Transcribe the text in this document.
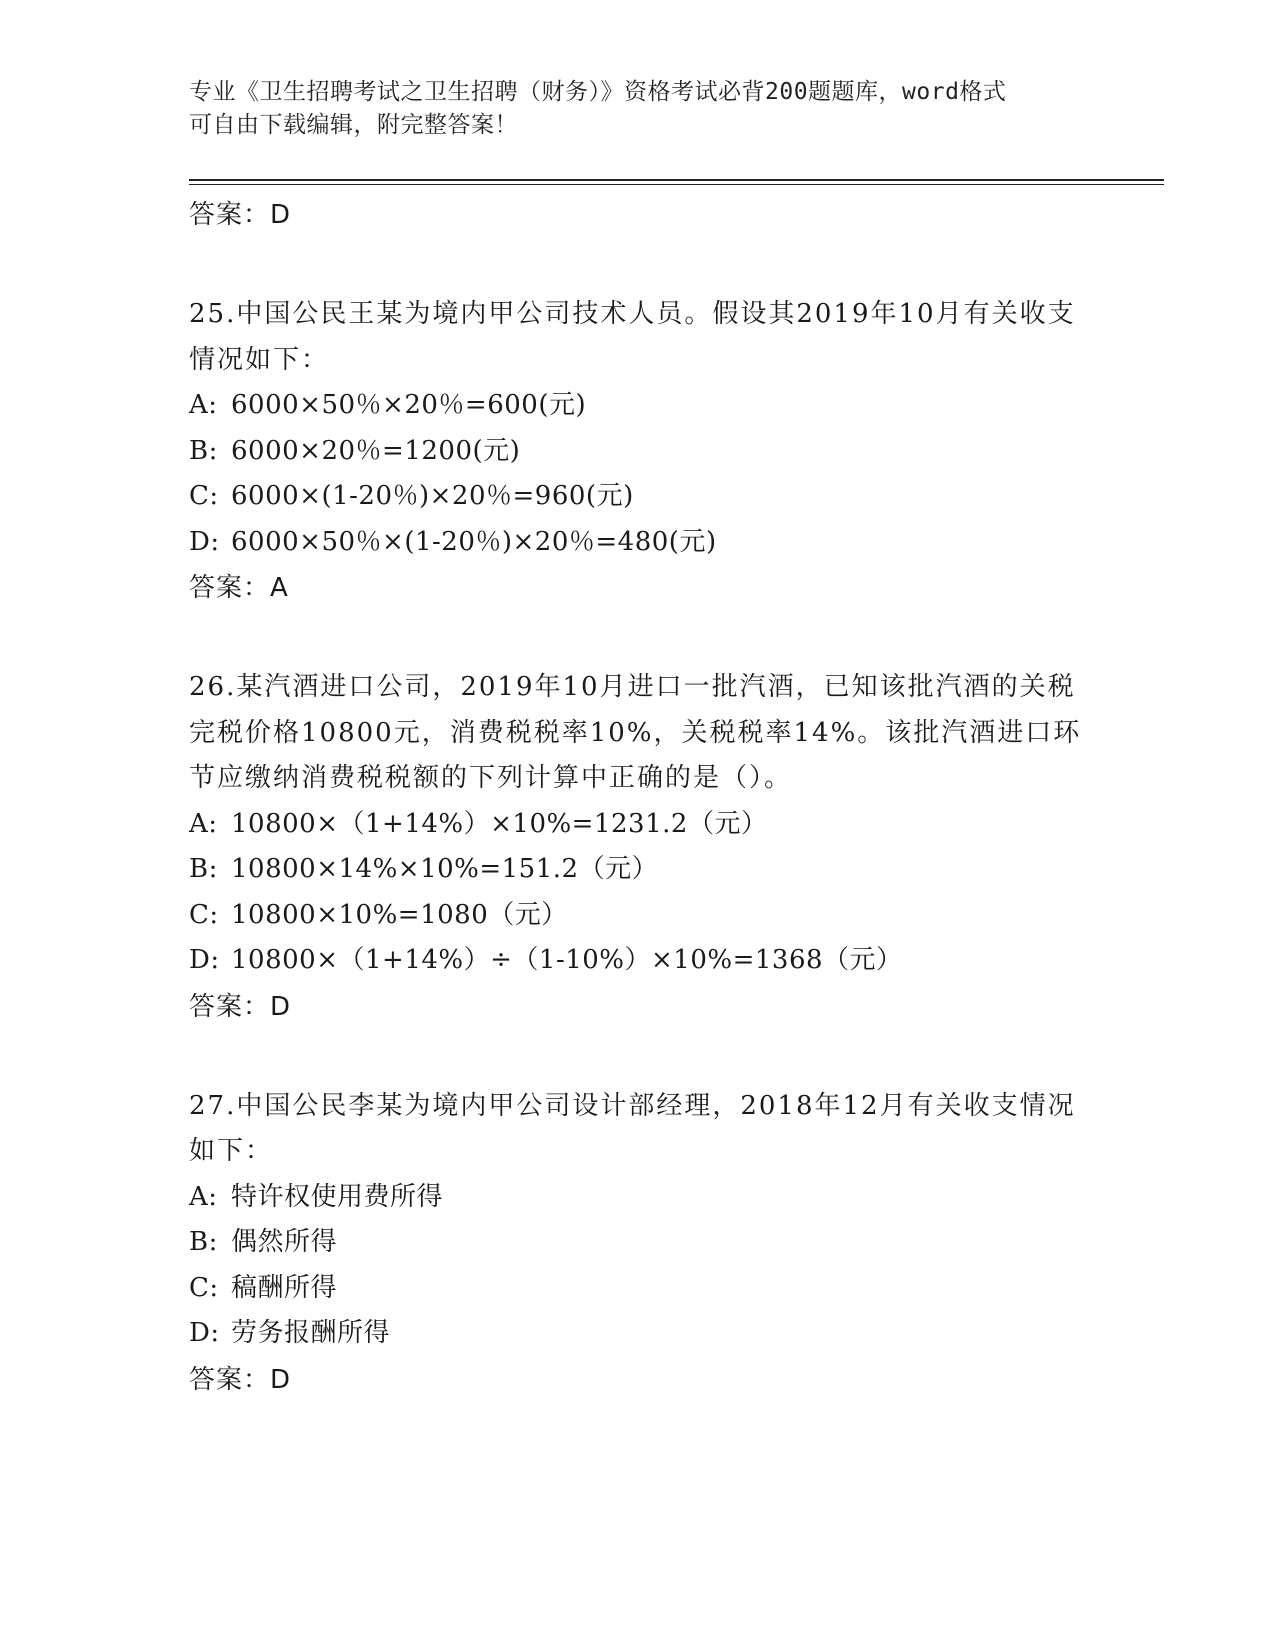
专业《卫生招聘考试之卫生招聘（财务）》资格考试必背200题题库，word格式

可自由下载编辑，附完整答案！

答案：D

25.中国公民王某为境内甲公司技术人员。假设其2019年10月有关收支情况如下：

A: 6000×50％×20％=600(元)

B: 6000×20％=1200(元)

C: 6000×(1-20％)×20％=960(元)

D: 6000×50％×(1-20％)×20％=480(元)

答案：A

26.某汽酒进口公司，2019年10月进口一批汽酒，已知该批汽酒的关税完税价格10800元，消费税税率10%，关税税率14%。该批汽酒进口环节应缴纳消费税税额的下列计算中正确的是（）。

A: 10800×（1+14%）×10%=1231.2（元）

B: 10800×14%×10%=151.2（元）

C: 10800×10%=1080（元）

D: 10800×（1+14%）÷（1-10%）×10%=1368（元）

答案：D

27.中国公民李某为境内甲公司设计部经理，2018年12月有关收支情况如下：

A: 特许权使用费所得

B: 偶然所得

C: 稿酬所得

D: 劳务报酬所得

答案：D
